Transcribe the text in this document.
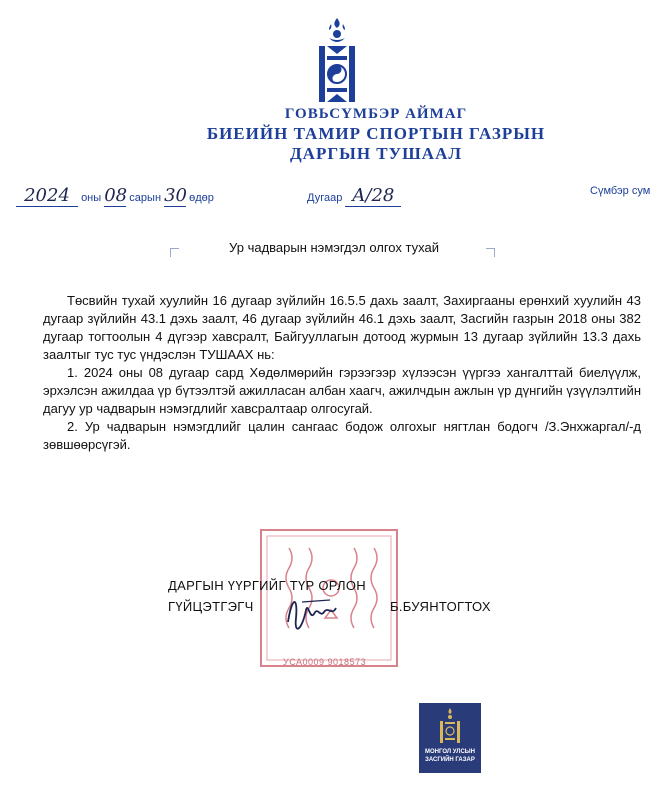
ГОВЬСҮМБЭР АЙМАГ
БИЕИЙН ТАМИР СПОРТЫН ГАЗРЫН
ДАРГЫН ТУШААЛ
2024 оны 08 сарын 30 өдөр	Дугаар A/28	Сүмбэр сум
Ур чадварын нэмэгдэл олгох тухай

Төсвийн тухай хуулийн 16 дугаар зүйлийн 16.5.5 дахь заалт, Захиргааны ерөнхий хуулийн 43 дугаар зүйлийн 43.1 дэхь заалт, 46 дугаар зүйлийн 46.1 дэхь заалт, Засгийн газрын 2018 оны 382 дугаар тогтоолын 4 дүгээр хавсралт, Байгууллагын дотоод журмын 13 дугаар зүйлийн 13.3 дахь заалтыг тус тус үндэслэн ТУШААХ нь:

1. 2024 оны 08 дугаар сард Хөдөлмөрийн гэрээгээр хүлээсэн үүргээ хангалттай биелүүлж, эрхэлсэн ажилдаа үр бүтээлтэй ажилласан албан хаагч, ажилчдын ажлын үр дүнгийн үзүүлэлтийн дагуу ур чадварын нэмэгдлийг хавсралтаар олгосугай.

2. Ур чадварын нэмэгдлийг цалин сангаас бодож олгохыг нягтлан бодогч /З.Энхжаргал/-д зөвшөөрсүгэй.

УСА0009 9018573
ДАРГЫН ҮҮРГИЙГ ТҮР ОРЛОН
ГҮЙЦЭТГЭГЧ	Б.БУЯНТОГТОХ
МОНГОЛ УЛСЫН
ЗАСГИЙН ГАЗАР
